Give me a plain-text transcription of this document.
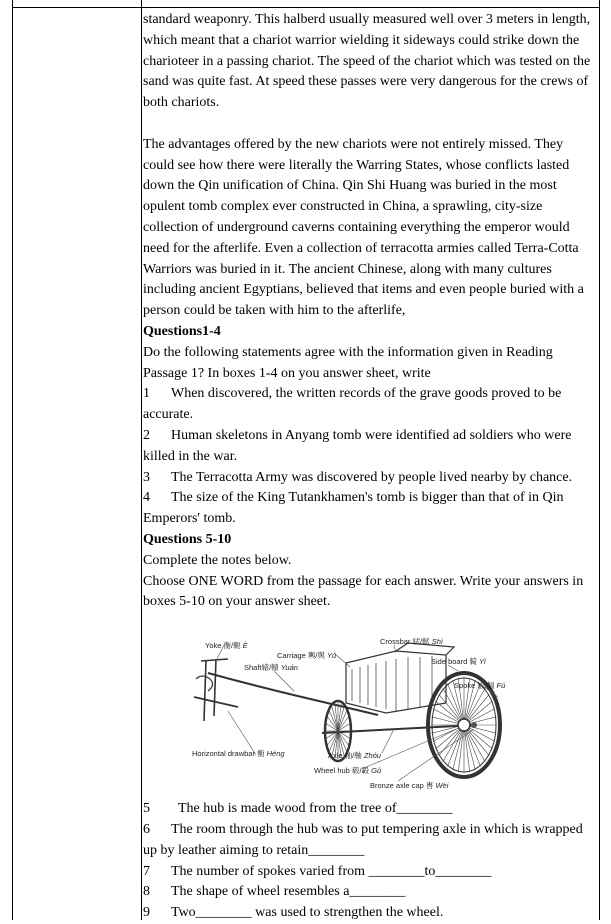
standard weaponry. This halberd usually measured well over 3 meters in length,

which meant that a chariot warrior wielding it sideways could strike down the

charioteer in a passing chariot. The speed of the chariot which was tested on the

sand was quite fast. At speed these passes were very dangerous for the crews of

both chariots.

The advantages offered by the new chariots were not entirely missed. They

could see how there were literally the Warring States, whose conflicts lasted

down the Qin unification of China. Qin Shi Huang was buried in the most

opulent tomb complex ever constructed in China, a sprawling, city-size

collection of underground caverns containing everything the emperor would

need for the afterlife. Even a collection of terracotta armies called Terra-Cotta

Warriors was buried in it. The ancient Chinese, along with many cultures

including ancient Egyptians, believed that items and even people buried with a

person could be taken with him to the afterlife,

Questions1-4

Do the following statements agree with the information given in Reading

Passage 1? In boxes 1-4 on you answer sheet, write

1 When discovered, the written records of the grave goods proved to be

accurate.

2 Human skeletons in Anyang tomb were identified ad soldiers who were

killed in the war.

3 The Terracotta Army was discovered by people lived nearby by chance.

4 The size of the King Tutankhamen's tomb is bigger than that of in Qin

Emperors' tomb.

Questions 5-10

Complete the notes below.

Choose ONE WORD from the passage for each answer. Write your answers in

boxes 5-10 on your answer sheet.

Yoke 衡/軛 È
Carriage 輿/舆 Yú
Crossbar 轼/軾 Shì
Side board 輢 Yǐ
Shaft辕/轅 Yuán
Spoke 辐/輻 Fú
Horizontal drawbar 衡 Héng	Axle 轴/軸 Zhóu
Wheel hub 毂/轂 Gǔ
Bronze axle cap 軎 Wèi

5 The hub is made wood from the tree of________

6 The room through the hub was to put tempering axle in which is wrapped

up by leather aiming to retain________

7 The number of spokes varied from ________to________

8 The shape of wheel resembles a________

9 Two________ was used to strengthen the wheel.
